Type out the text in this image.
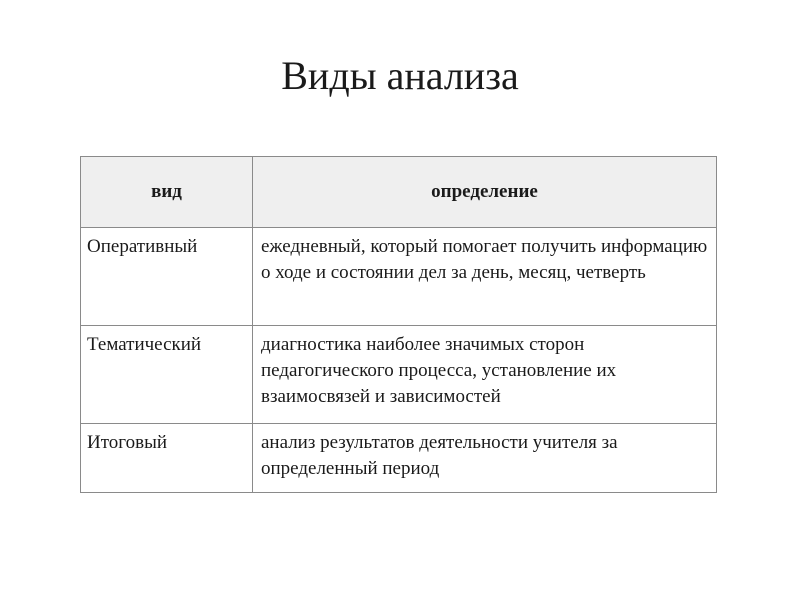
Виды анализа
вид	определение
Оперативный	ежедневный, который помогает получить информацию о ходе и состоянии дел за день, месяц, четверть
Тематический	диагностика наиболее значимых сторон педагогического процесса, установление их взаимосвязей и зависимостей
Итоговый	анализ результатов деятельности учителя за определенный период
